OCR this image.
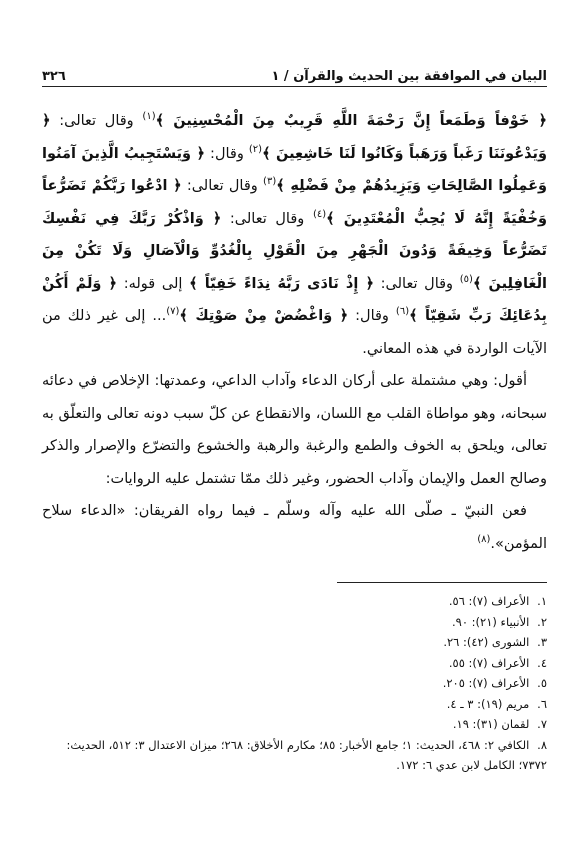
البيان في الموافقة بين الحديث والقرآن / ١
٣٢٦

﴿ خَوْفاً وَطَمَعاً إِنَّ رَحْمَةَ اللَّهِ قَرِيبٌ مِنَ الْمُحْسِنِينَ ﴾$^{(١)}$ وقال تعالى: ﴿ وَيَدْعُونَنَا رَغَباً وَرَهَباً وَكَانُوا لَنَا خَاشِعِينَ ﴾$^{(٢)}$ وقال: ﴿ وَيَسْتَجِيبُ الَّذِينَ آمَنُوا وَعَمِلُوا الصَّالِحَاتِ وَيَزِيدُهُمْ مِنْ فَضْلِهِ ﴾$^{(٣)}$ وقال تعالى: ﴿ ادْعُوا رَبَّكُمْ تَضَرُّعاً وَخُفْيَةً إِنَّهُ لَا يُحِبُّ الْمُعْتَدِينَ ﴾$^{(٤)}$ وقال تعالى: ﴿ وَاذْكُرْ رَبَّكَ فِي نَفْسِكَ تَضَرُّعاً وَخِيفَةً وَدُونَ الْجَهْرِ مِنَ الْقَوْلِ بِالْغُدُوِّ وَالْآصَالِ وَلَا تَكُنْ مِنَ الْغَافِلِينَ ﴾$^{(٥)}$ وقال تعالى: ﴿ إِذْ نَادَى رَبَّهُ نِدَاءً خَفِيّاً ﴾ إلى قوله: ﴿ وَلَمْ أَكُنْ بِدُعَائِكَ رَبِّ شَقِيّاً ﴾$^{(٦)}$ وقال: ﴿ وَاغْضُضْ مِنْ صَوْتِكَ ﴾$^{(٧)}$... إلى غير ذلك من الآيات الواردة في هذه المعاني.

أقول: وهي مشتملة على أركان الدعاء وآداب الداعي، وعمدتها: الإخلاص في دعائه سبحانه، وهو مواطاة القلب مع اللسان، والانقطاع عن كلّ سبب دونه تعالى والتعلّق به تعالى، ويلحق به الخوف والطمع والرغبة والرهبة والخشوع والتضرّع والإصرار والذكر وصالح العمل والإيمان وآداب الحضور، وغير ذلك ممّا تشتمل عليه الروايات:

فعن النبيّ ـ صلّى الله عليه وآله وسلّم ـ فيما رواه الفريقان: «الدعاء سلاح المؤمن».$^{(٨)}$

١. الأعراف (٧): ٥٦.

٢. الأنبياء (٢١): ٩٠.

٣. الشورى (٤٢): ٢٦.

٤. الأعراف (٧): ٥٥.

٥. الأعراف (٧): ٢٠٥.

٦. مريم (١٩): ٣ ـ ٤.

٧. لقمان (٣١): ١٩.

٨. الكافي ٢: ٤٦٨، الحديث: ١؛ جامع الأخبار: ٨٥؛ مكارم الأخلاق: ٢٦٨؛ ميزان الاعتدال ٣: ٥١٢، الحديث: ٧٣٧٢؛ الكامل لابن عدي ٦: ١٧٢.
